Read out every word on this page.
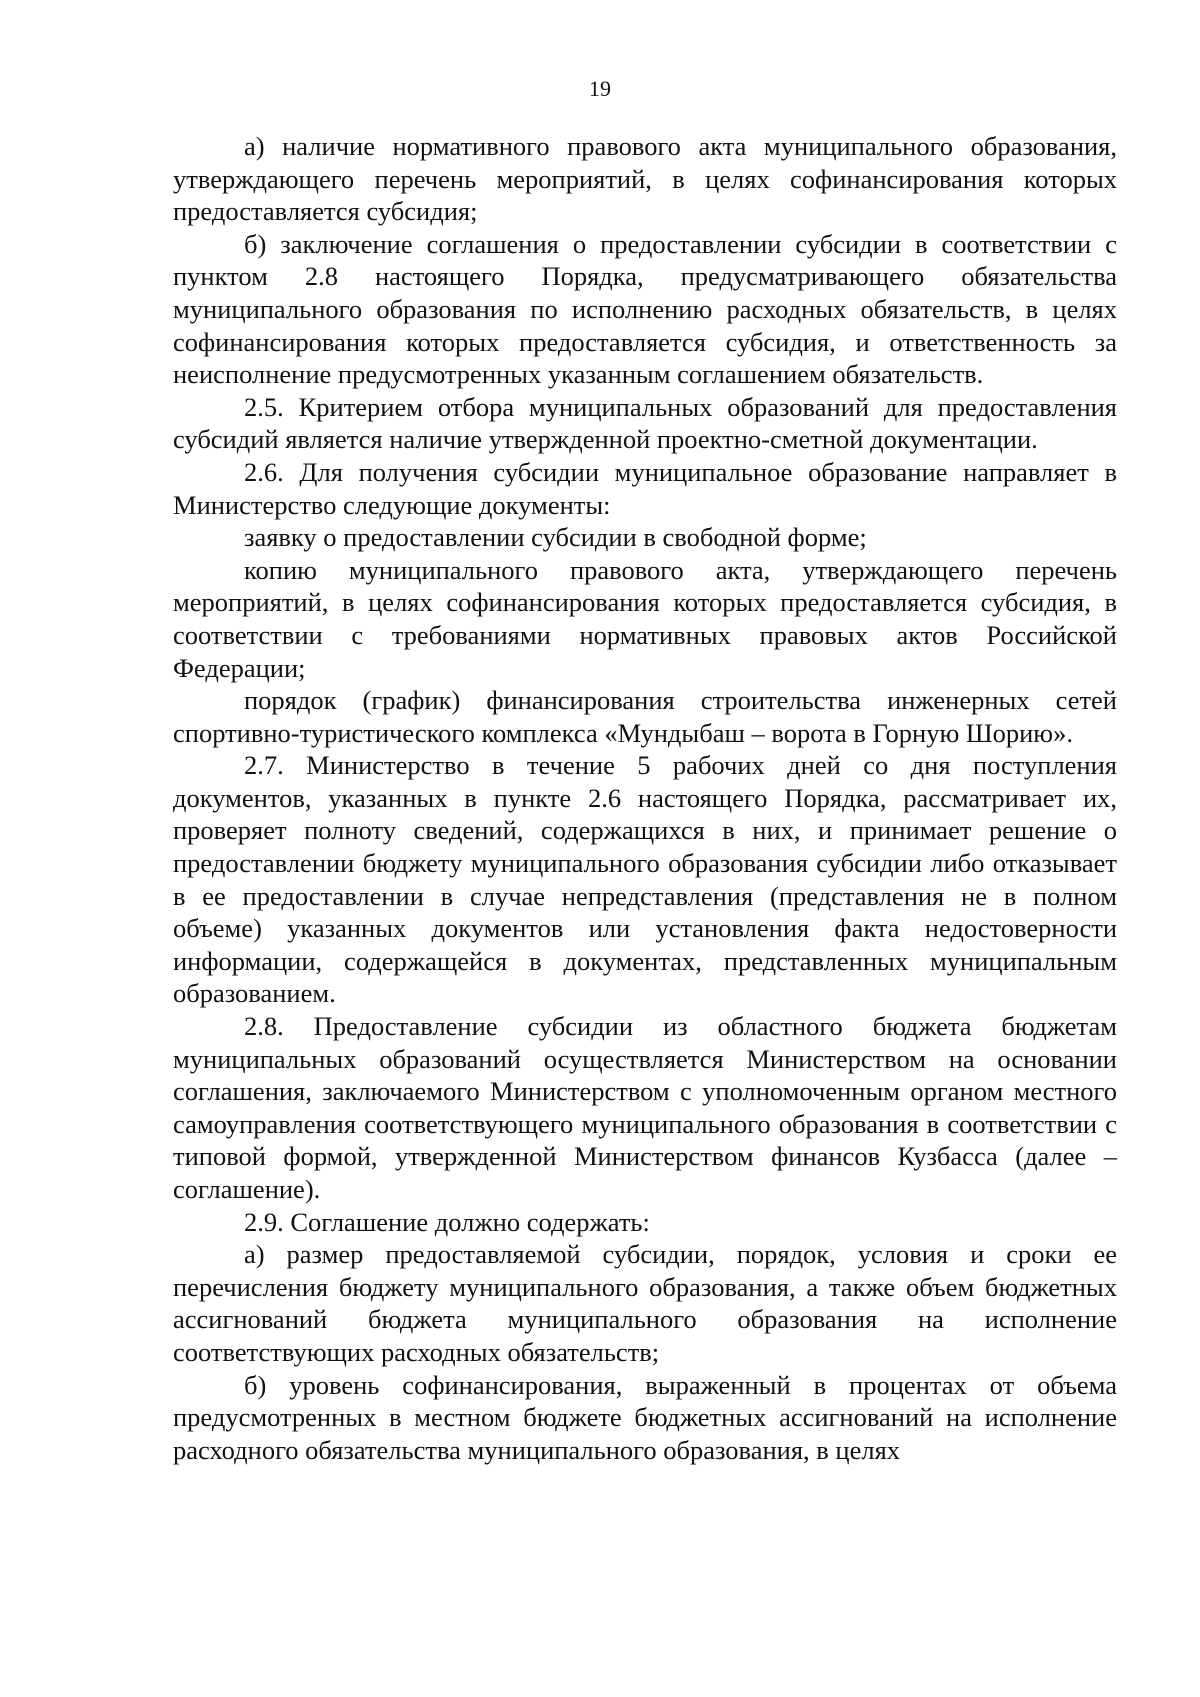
19

а) наличие нормативного правового акта муниципального образования, утверждающего перечень мероприятий, в целях софинансирования которых предоставляется субсидия;

б) заключение соглашения о предоставлении субсидии в соответствии с пунктом 2.8 настоящего Порядка, предусматривающего обязательства муниципального образования по исполнению расходных обязательств, в целях софинансирования которых предоставляется субсидия, и ответственность за неисполнение предусмотренных указанным соглашением обязательств.

2.5. Критерием отбора муниципальных образований для предоставления субсидий является наличие утвержденной проектно-сметной документации.

2.6. Для получения субсидии муниципальное образование направляет в Министерство следующие документы:

заявку о предоставлении субсидии в свободной форме;

копию муниципального правового акта, утверждающего перечень мероприятий, в целях софинансирования которых предоставляется субсидия, в соответствии с требованиями нормативных правовых актов Российской Федерации;

порядок (график) финансирования строительства инженерных сетей спортивно-туристического комплекса «Мундыбаш – ворота в Горную Шорию».

2.7. Министерство в течение 5 рабочих дней со дня поступления документов, указанных в пункте 2.6 настоящего Порядка, рассматривает их, проверяет полноту сведений, содержащихся в них, и принимает решение о предоставлении бюджету муниципального образования субсидии либо отказывает в ее предоставлении в случае непредставления (представления не в полном объеме) указанных документов или установления факта недостоверности информации, содержащейся в документах, представленных муниципальным образованием.

2.8. Предоставление субсидии из областного бюджета бюджетам муниципальных образований осуществляется Министерством на основании соглашения, заключаемого Министерством с уполномоченным органом местного самоуправления соответствующего муниципального образования в соответствии с типовой формой, утвержденной Министерством финансов Кузбасса (далее – соглашение).

2.9. Соглашение должно содержать:

а) размер предоставляемой субсидии, порядок, условия и сроки ее перечисления бюджету муниципального образования, а также объем бюджетных ассигнований бюджета муниципального образования на исполнение соответствующих расходных обязательств;

б) уровень софинансирования, выраженный в процентах от объема предусмотренных в местном бюджете бюджетных ассигнований на исполнение расходного обязательства муниципального образования, в целях
